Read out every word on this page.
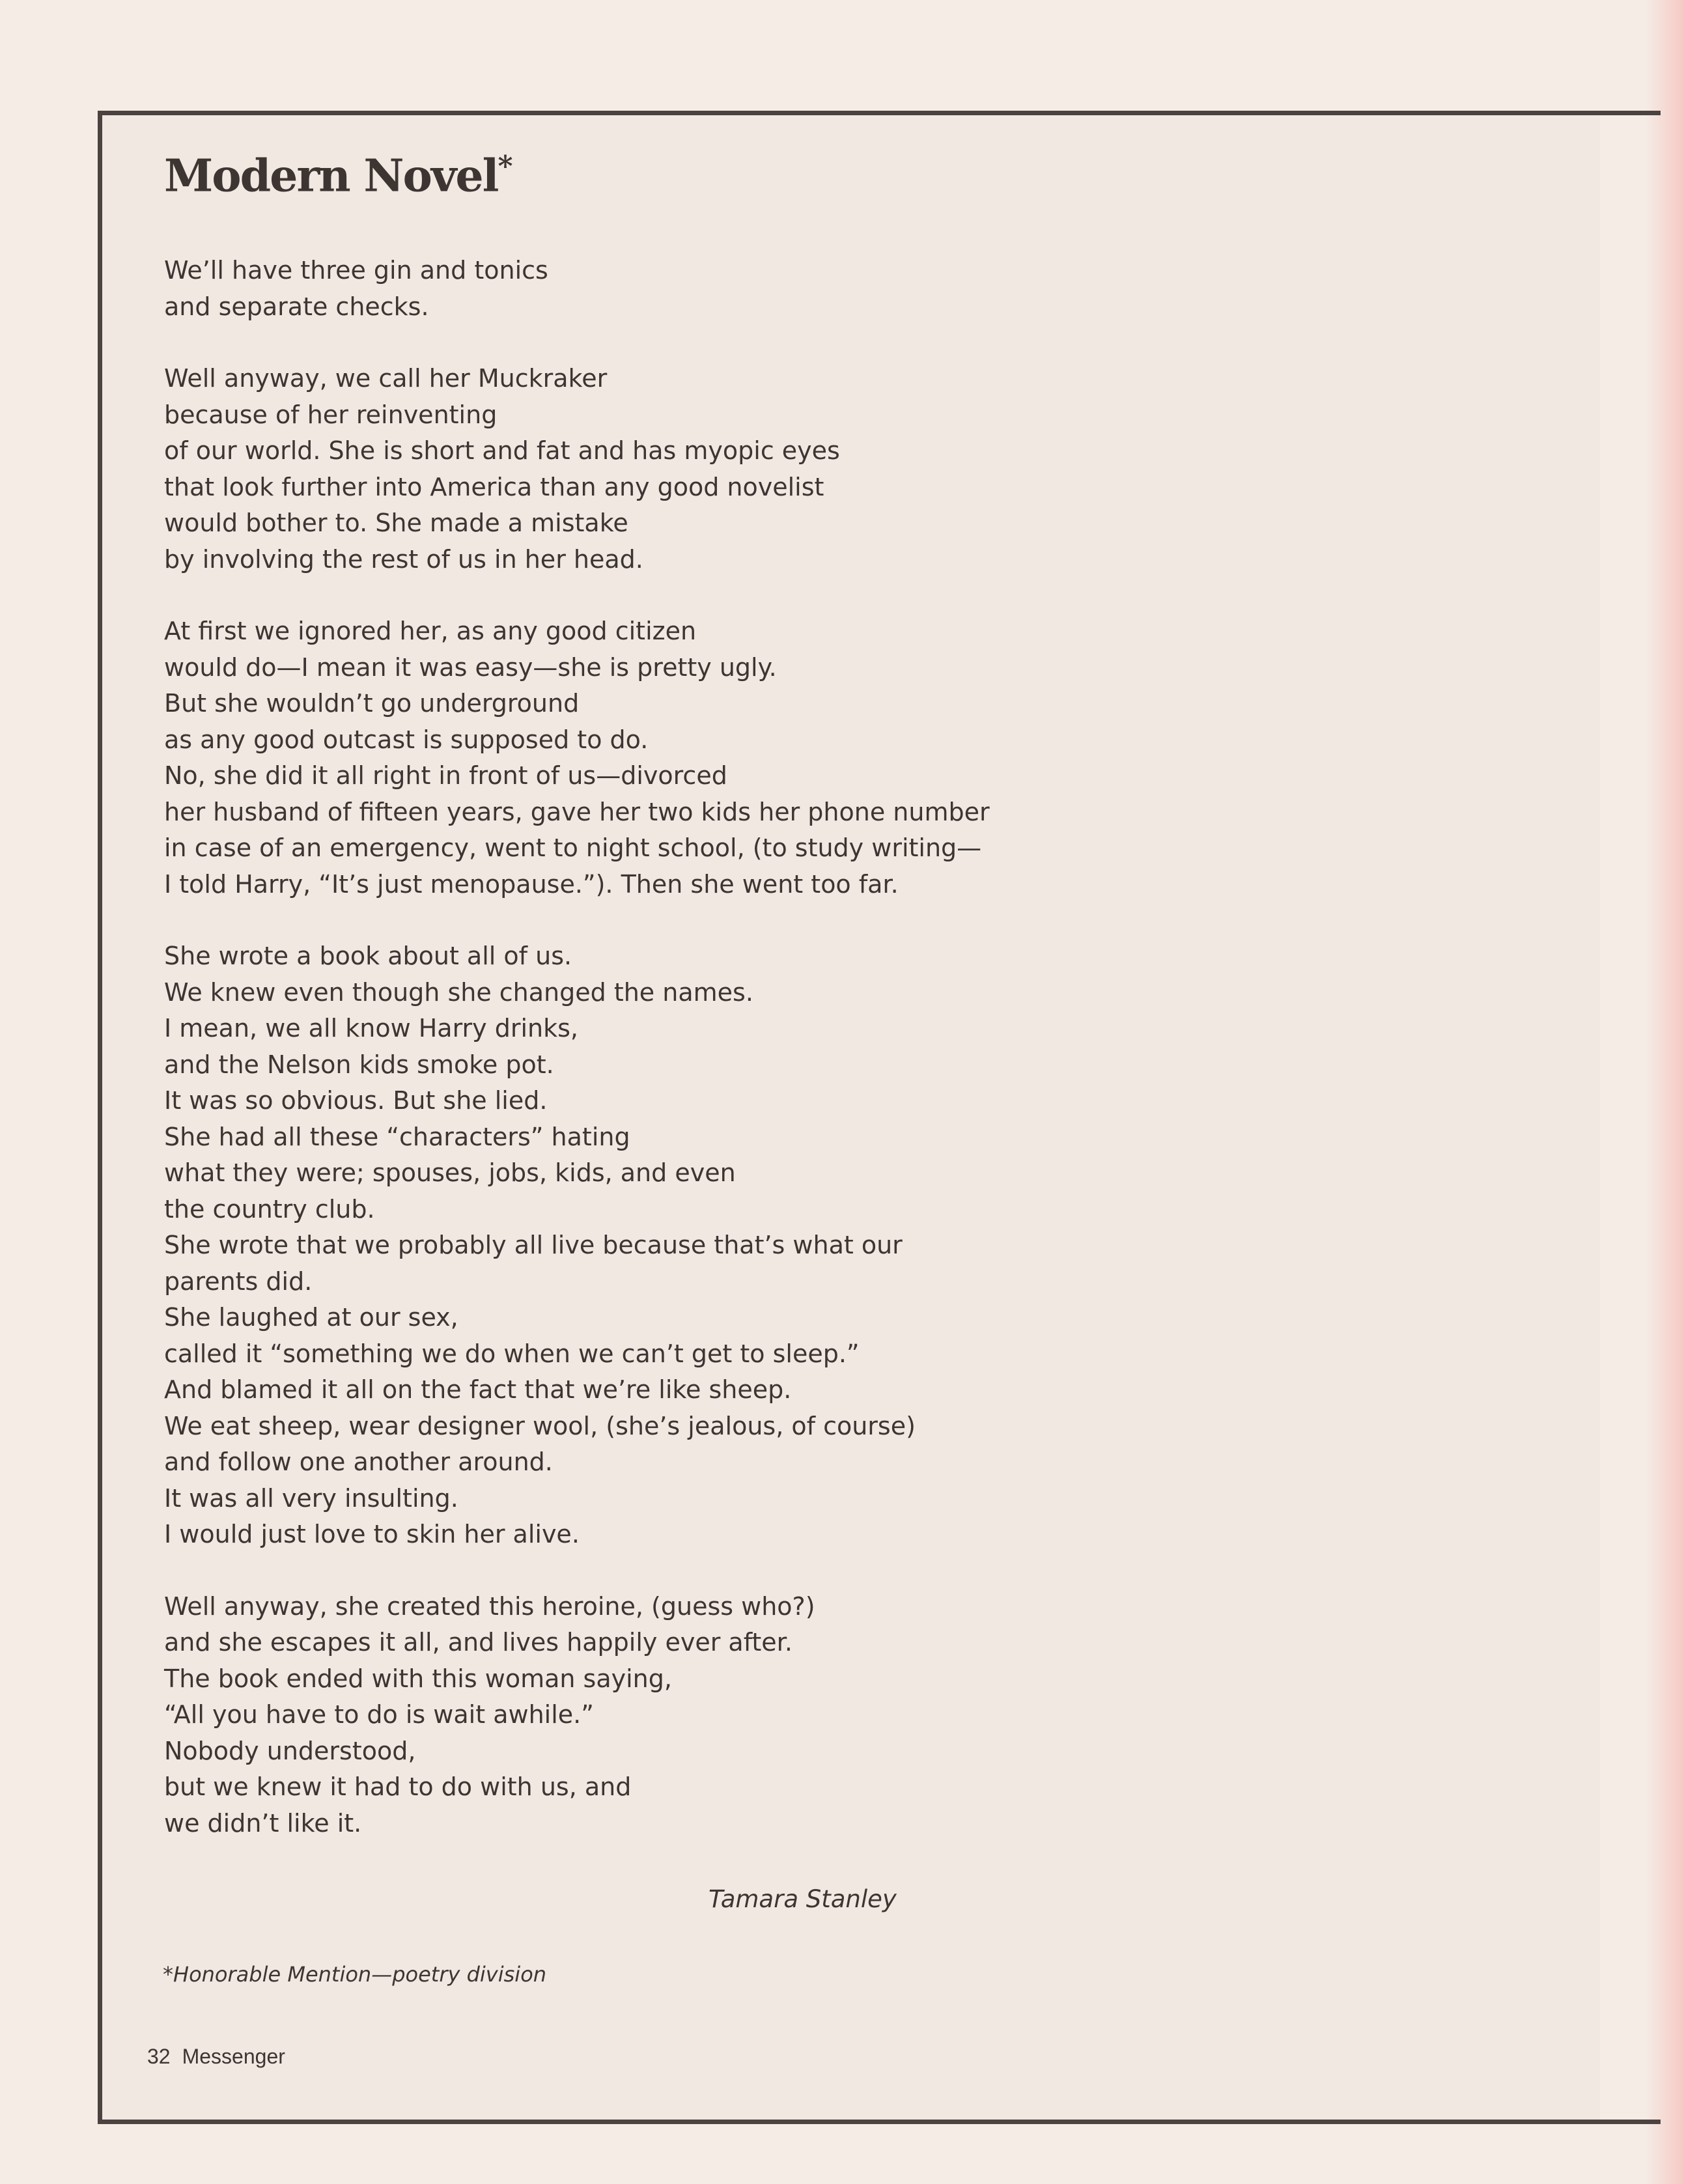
Modern Novel*
We’ll have three gin and tonics
and separate checks.
Well anyway, we call her Muckraker
because of her reinventing
of our world. She is short and fat and has myopic eyes
that look further into America than any good novelist
would bother to. She made a mistake
by involving the rest of us in her head.
At first we ignored her, as any good citizen
would do—I mean it was easy—she is pretty ugly.
But she wouldn’t go underground
as any good outcast is supposed to do.
No, she did it all right in front of us—divorced
her husband of fifteen years, gave her two kids her phone number
in case of an emergency, went to night school, (to study writing—
I told Harry, “It’s just menopause.”). Then she went too far.
She wrote a book about all of us.
We knew even though she changed the names.
I mean, we all know Harry drinks,
and the Nelson kids smoke pot.
It was so obvious. But she lied.
She had all these “characters” hating
what they were; spouses, jobs, kids, and even
the country club.
She wrote that we probably all live because that’s what our
parents did.
She laughed at our sex,
called it “something we do when we can’t get to sleep.”
And blamed it all on the fact that we’re like sheep.
We eat sheep, wear designer wool, (she’s jealous, of course)
and follow one another around.
It was all very insulting.
I would just love to skin her alive.
Well anyway, she created this heroine, (guess who?)
and she escapes it all, and lives happily ever after.
The book ended with this woman saying,
“All you have to do is wait awhile.”
Nobody understood,
but we knew it had to do with us, and
we didn’t like it.
Tamara Stanley
*Honorable Mention—poetry division
32 Messenger
